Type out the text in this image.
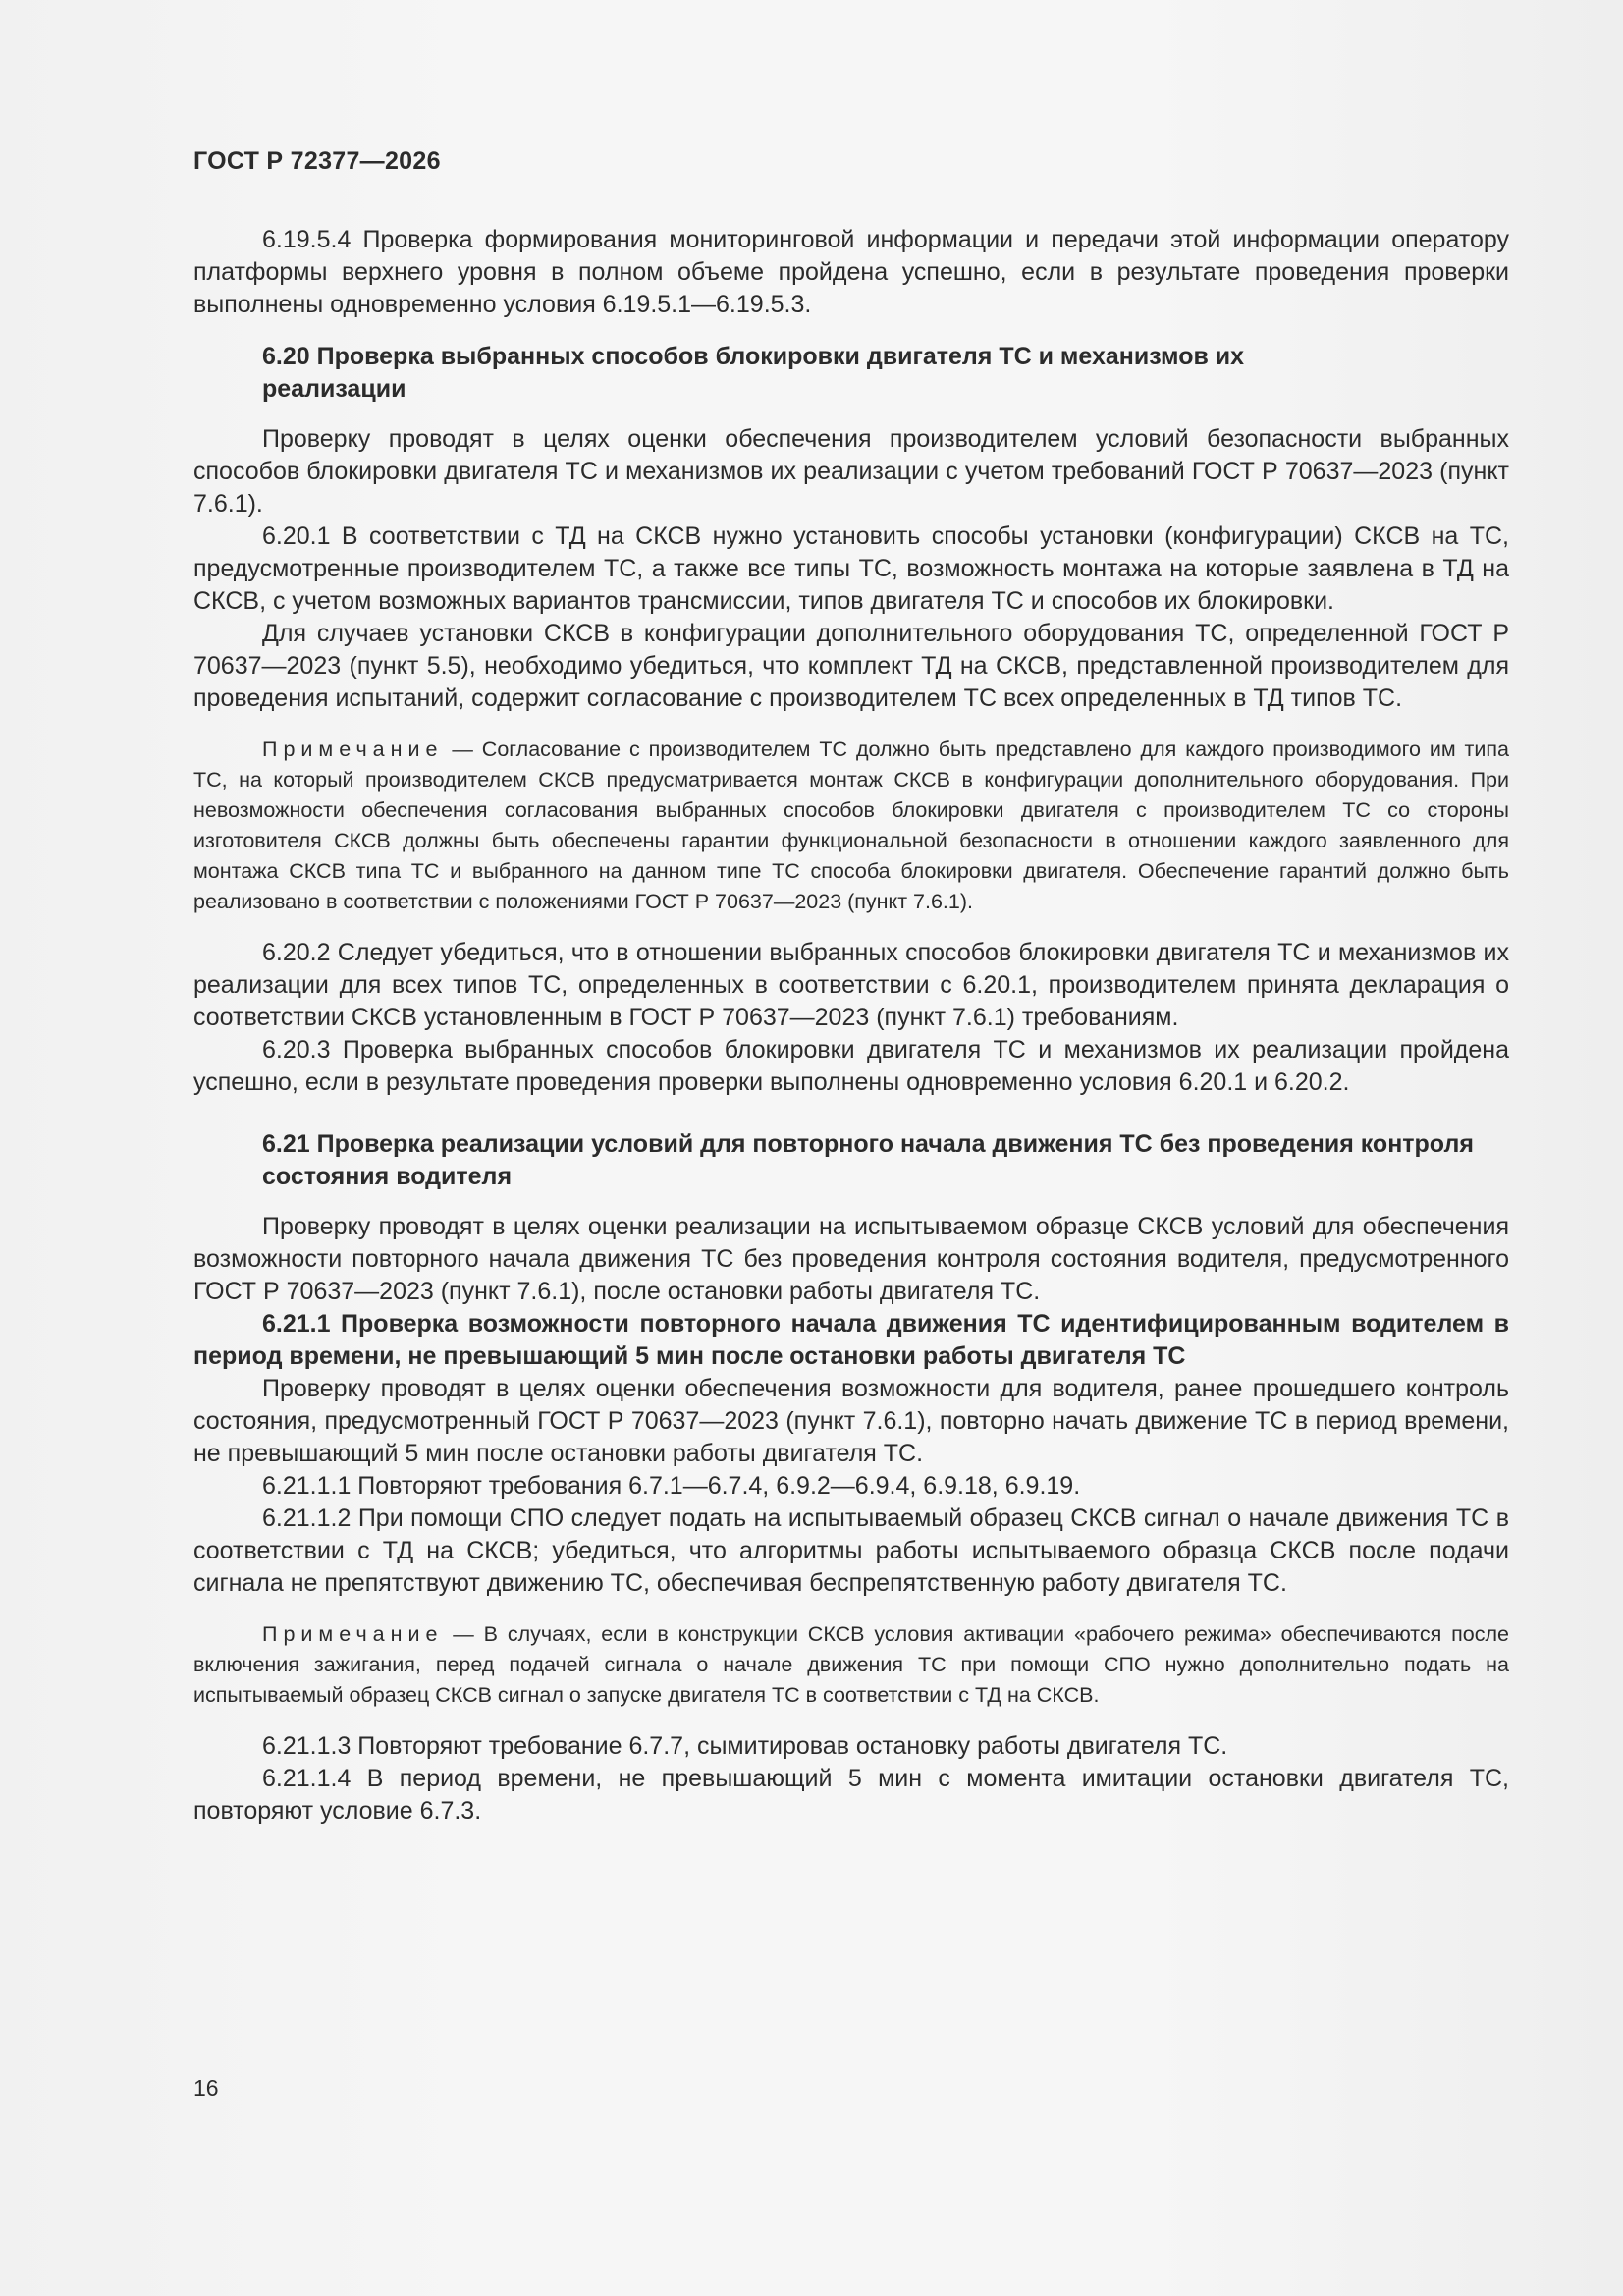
ГОСТ Р 72377—2026

6.19.5.4 Проверка формирования мониторинговой информации и передачи этой информации оператору платформы верхнего уровня в полном объеме пройдена успешно, если в результате проведения проверки выполнены одновременно условия 6.19.5.1—6.19.5.3.

6.20 Проверка выбранных способов блокировки двигателя ТС и механизмов их реализации

Проверку проводят в целях оценки обеспечения производителем условий безопасности выбранных способов блокировки двигателя ТС и механизмов их реализации с учетом требований ГОСТ Р 70637—2023 (пункт 7.6.1).

6.20.1 В соответствии с ТД на СКСВ нужно установить способы установки (конфигурации) СКСВ на ТС, предусмотренные производителем ТС, а также все типы ТС, возможность монтажа на которые заявлена в ТД на СКСВ, с учетом возможных вариантов трансмиссии, типов двигателя ТС и способов их блокировки.

Для случаев установки СКСВ в конфигурации дополнительного оборудования ТС, определенной ГОСТ Р 70637—2023 (пункт 5.5), необходимо убедиться, что комплект ТД на СКСВ, представленной производителем для проведения испытаний, содержит согласование с производителем ТС всех определенных в ТД типов ТС.

Примечание — Согласование с производителем ТС должно быть представлено для каждого производимого им типа ТС, на который производителем СКСВ предусматривается монтаж СКСВ в конфигурации дополнительного оборудования. При невозможности обеспечения согласования выбранных способов блокировки двигателя с производителем ТС со стороны изготовителя СКСВ должны быть обеспечены гарантии функциональной безопасности в отношении каждого заявленного для монтажа СКСВ типа ТС и выбранного на данном типе ТС способа блокировки двигателя. Обеспечение гарантий должно быть реализовано в соответствии с положениями ГОСТ Р 70637—2023 (пункт 7.6.1).

6.20.2 Следует убедиться, что в отношении выбранных способов блокировки двигателя ТС и механизмов их реализации для всех типов ТС, определенных в соответствии с 6.20.1, производителем принята декларация о соответствии СКСВ установленным в ГОСТ Р 70637—2023 (пункт 7.6.1) требованиям.

6.20.3 Проверка выбранных способов блокировки двигателя ТС и механизмов их реализации пройдена успешно, если в результате проведения проверки выполнены одновременно условия 6.20.1 и 6.20.2.

6.21 Проверка реализации условий для повторного начала движения ТС без проведения контроля состояния водителя

Проверку проводят в целях оценки реализации на испытываемом образце СКСВ условий для обеспечения возможности повторного начала движения ТС без проведения контроля состояния водителя, предусмотренного ГОСТ Р 70637—2023 (пункт 7.6.1), после остановки работы двигателя ТС.

6.21.1 Проверка возможности повторного начала движения ТС идентифицированным водителем в период времени, не превышающий 5 мин после остановки работы двигателя ТС

Проверку проводят в целях оценки обеспечения возможности для водителя, ранее прошедшего контроль состояния, предусмотренный ГОСТ Р 70637—2023 (пункт 7.6.1), повторно начать движение ТС в период времени, не превышающий 5 мин после остановки работы двигателя ТС.

6.21.1.1 Повторяют требования 6.7.1—6.7.4, 6.9.2—6.9.4, 6.9.18, 6.9.19.

6.21.1.2 При помощи СПО следует подать на испытываемый образец СКСВ сигнал о начале движения ТС в соответствии с ТД на СКСВ; убедиться, что алгоритмы работы испытываемого образца СКСВ после подачи сигнала не препятствуют движению ТС, обеспечивая беспрепятственную работу двигателя ТС.

Примечание — В случаях, если в конструкции СКСВ условия активации «рабочего режима» обеспечиваются после включения зажигания, перед подачей сигнала о начале движения ТС при помощи СПО нужно дополнительно подать на испытываемый образец СКСВ сигнал о запуске двигателя ТС в соответствии с ТД на СКСВ.

6.21.1.3 Повторяют требование 6.7.7, сымитировав остановку работы двигателя ТС.

6.21.1.4 В период времени, не превышающий 5 мин с момента имитации остановки двигателя ТС, повторяют условие 6.7.3.

16
